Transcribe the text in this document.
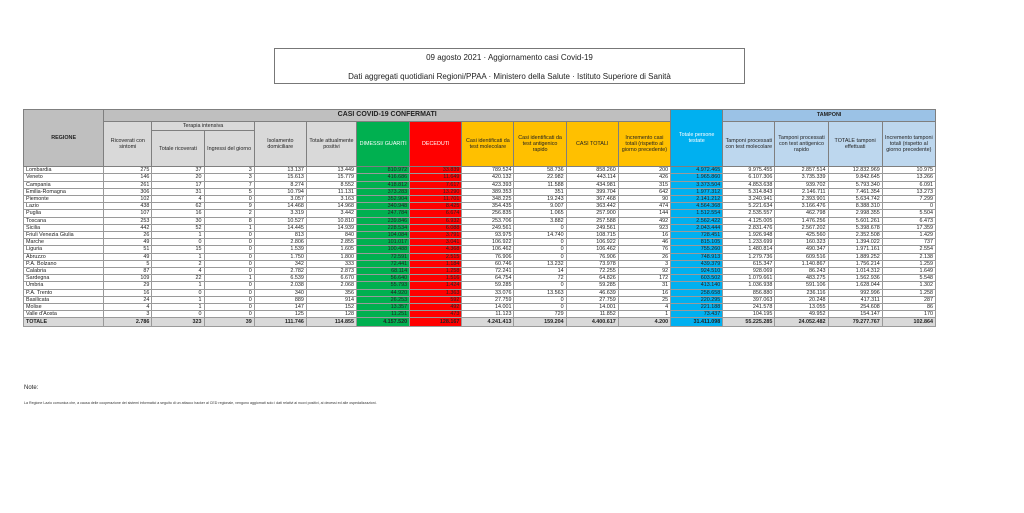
09 agosto 2021 · Aggiornamento casi Covid-19
Dati aggregati quotidiani Regioni/PPAA · Ministero della Salute · Istituto Superiore di Sanità
REGIONE	CASI COVID-19 CONFERMATI											Totale persone testate	TAMPONI			
	Ricoverati con sintomi	Terapia intensiva		Isolamento domiciliare	Totale attualmente positivi	DIMESSI/ GUARITI	DECEDUTI	Casi identificati da test molecolare	Casi identificati da test antigenico rapido	CASI TOTALI	Incremento casi totali (rispetto al giorno precedente)		Tamponi processati con test molecolare	Tamponi processati con test antigenico rapido	TOTALE tamponi effettuati	Incremento tamponi totali (rispetto al giorno precedente)
		Totale ricoverati	Ingressi del giorno													
Lombardia	275	37	3	13.137	13.449	810.972	33.839	789.524	58.736	858.260	200	4.972.465	9.975.455	2.857.514	12.832.969	10.975
Veneto	146	20	3	15.613	15.779	416.686	11.649	420.132	22.982	443.114	426	1.965.860	6.107.306	3.735.339	9.842.645	13.266
Campania	261	17	7	8.274	8.552	418.812	7.617	423.393	11.588	434.981	315	3.373.504	4.853.638	939.702	5.793.340	6.091
Emilia-Romagna	306	31	5	10.794	11.131	373.283	13.290	389.353	351	399.704	642	1.977.312	5.314.843	2.146.711	7.461.354	13.273
Piemonte	102	4	0	3.057	3.163	352.904	11.701	348.225	19.243	367.468	90	2.141.212	3.240.941	2.393.901	5.634.742	7.299
Lazio	438	62	9	14.468	14.968	340.948	8.425	354.435	9.007	363.442	474	4.564.368	5.221.634	3.166.476	8.388.310	0
Puglia	107	16	2	3.319	3.442	247.784	6.674	256.835	1.065	257.900	144	1.512.554	2.535.557	462.798	2.998.355	5.504
Toscana	253	30	8	10.527	10.810	239.846	6.932	253.706	3.882	257.588	492	2.562.422	4.125.005	1.476.256	5.601.261	6.473
Sicilia	442	52	1	14.445	14.939	228.534	6.088	249.561	0	249.561	923	2.043.444	2.831.476	2.567.202	5.398.678	17.359
Friuli Venezia Giulia	26	1	0	813	840	104.084	3.791	93.975	14.740	108.715	16	728.451	1.926.948	425.560	2.352.508	1.429
Marche	49	0	0	2.806	2.855	101.017	3.041	106.922	0	106.922	46	815.105	1.233.699	160.323	1.394.022	737
Liguria	51	15	0	1.539	1.605	100.488	4.368	106.462	0	106.462	76	755.260	1.480.814	490.347	1.971.161	2.554
Abruzzo	49	1	0	1.750	1.800	72.591	2.515	76.906	0	76.906	26	748.913	1.279.736	609.516	1.889.252	2.138
P.A. Bolzano	5	2	0	342	333	72.441	1.184	60.746	13.232	73.978	3	439.379	615.347	1.140.867	1.756.214	1.259
Calabria	87	4	0	2.782	2.873	68.114	1.258	72.241	14	72.255	92	924.510	928.069	86.243	1.014.312	1.649
Sardegna	109	22	1	6.539	6.670	56.640	1.516	64.754	72	64.826	172	603.502	1.079.661	483.275	1.562.936	5.548
Umbria	29	1	0	2.038	2.068	55.793	1.424	59.285	0	59.285	31	413.140	1.036.938	591.106	1.628.044	1.302
P.A. Trento	16	0	0	340	356	44.920	1.363	33.076	13.563	46.639	16	258.658	856.880	236.116	992.996	1.258
Basilicata	24	1	0	889	914	26.253	592	27.759	0	27.759	25	220.295	397.063	20.248	417.311	287
Molise	4	1	0	147	152	13.357	492	14.001	0	14.001	4	221.188	241.578	13.055	254.608	86
Valle d'Aosta	3	0	0	125	128	11.251	473	11.123	729	11.852	1	73.437	104.195	49.952	154.147	170
TOTALE	2.786	323	39	111.746	114.855	4.157.520	128.167	4.241.413	159.204	4.400.617	4.200	31.411.098	55.225.285	24.052.482	79.277.767	102.864
Note:
La Regione Lazio comunica che, a causa delle cooperazione dei sistemi informatici a seguito di un attacco hacker al CED regionale, vengono aggiornati solo i dati relativi ai nuovi positivi, ai decessi ed alle ospedalizzazioni.
